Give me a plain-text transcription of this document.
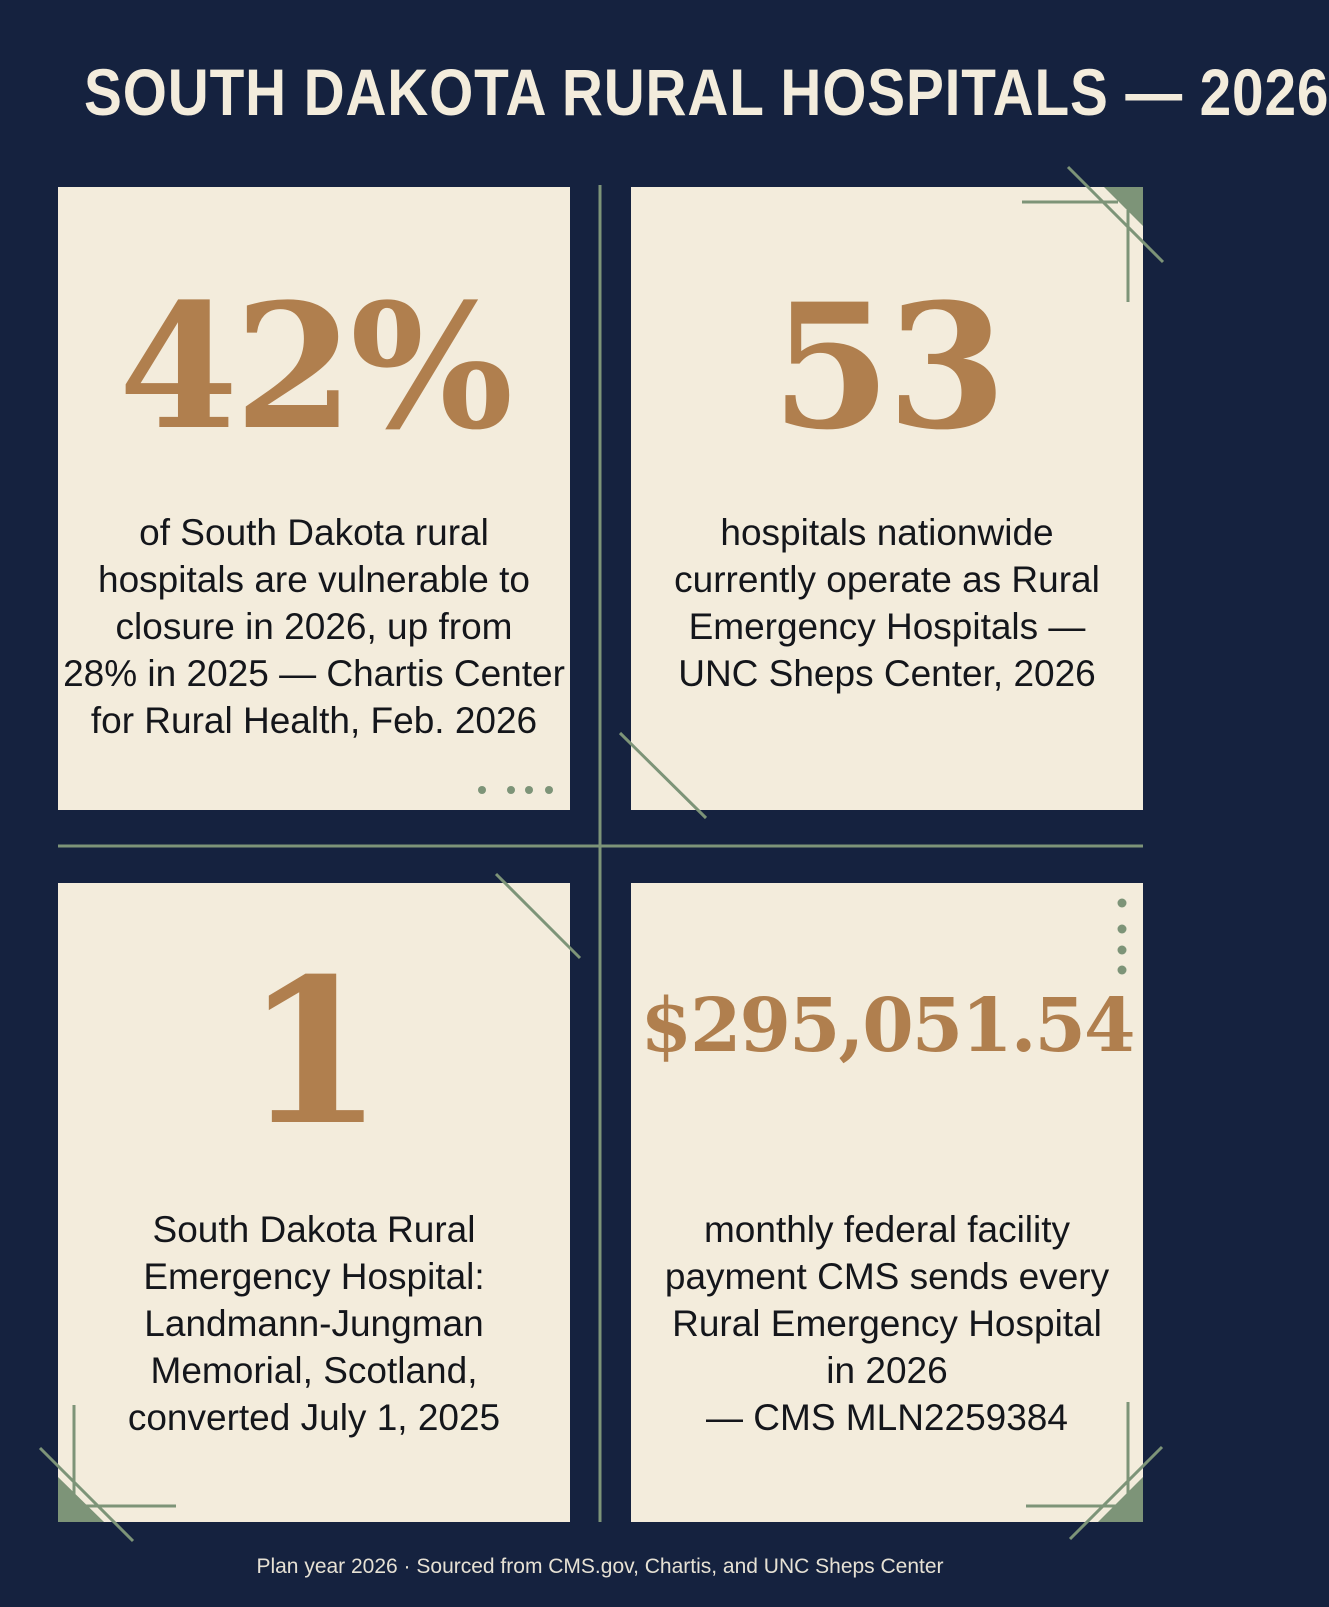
SOUTH DAKOTA RURAL HOSPITALS — 2026
42%
of South Dakota rural
hospitals are vulnerable to
closure in 2026, up from
28% in 2025 — Chartis Center
for Rural Health, Feb. 2026
53
hospitals nationwide
currently operate as Rural
Emergency Hospitals —
UNC Sheps Center, 2026
1
South Dakota Rural
Emergency Hospital:
Landmann-Jungman
Memorial, Scotland,
converted July 1, 2025
$295,051.54
monthly federal facility
payment CMS sends every
Rural Emergency Hospital
in 2026
— CMS MLN2259384
Plan year 2026 · Sourced from CMS.gov, Chartis, and UNC Sheps Center
